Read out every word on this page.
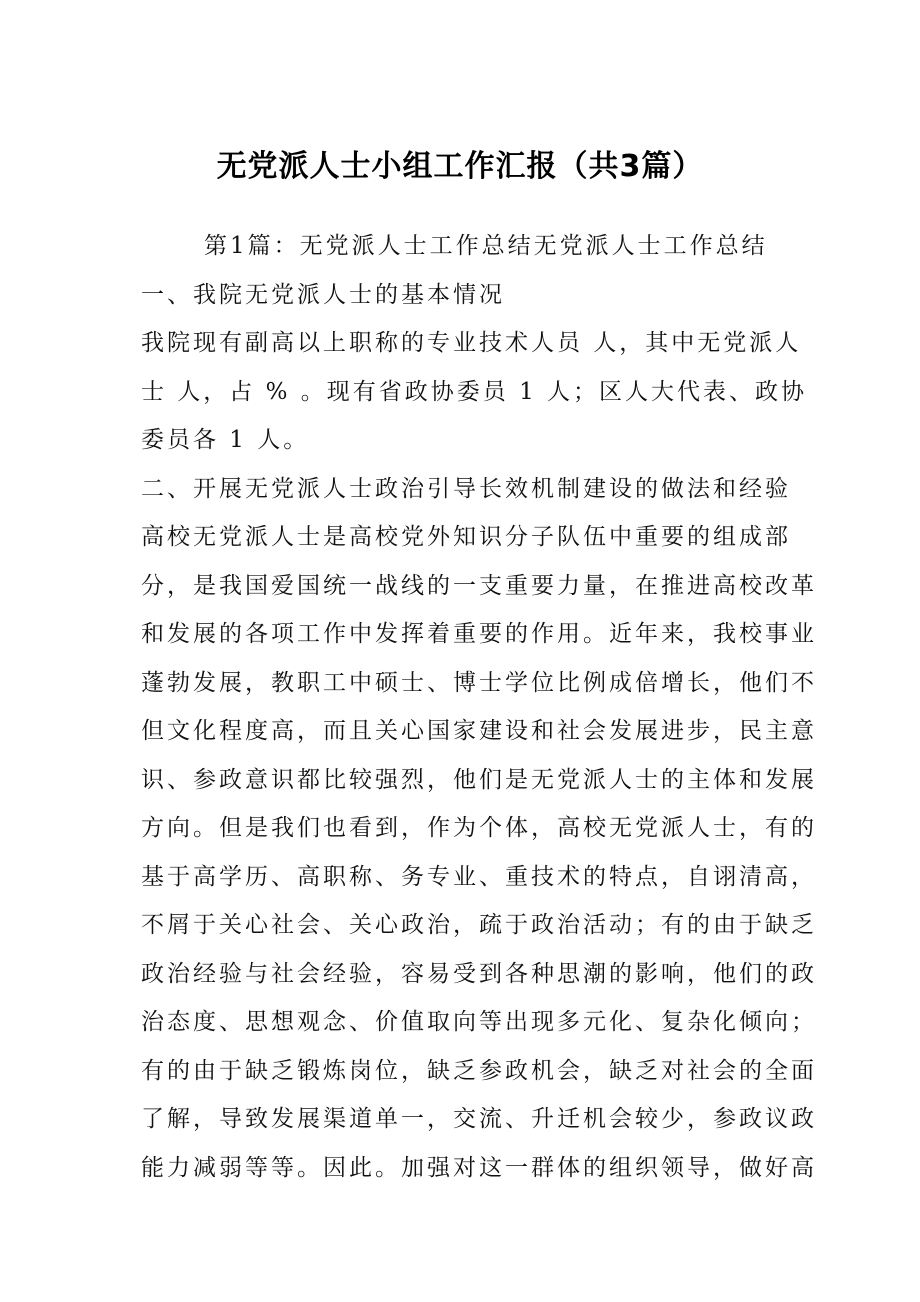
无党派人士小组工作汇报（共3篇）
第1篇：无党派人士工作总结无党派人士工作总结
一、我院无党派人士的基本情况
我院现有副高以上职称的专业技术人员 人，其中无党派人
士 人，占 % 。现有省政协委员 1 人；区人大代表、政协
委员各 1 人。
二、开展无党派人士政治引导长效机制建设的做法和经验
高校无党派人士是高校党外知识分子队伍中重要的组成部
分，是我国爱国统一战线的一支重要力量，在推进高校改革
和发展的各项工作中发挥着重要的作用。近年来，我校事业
蓬勃发展，教职工中硕士、博士学位比例成倍增长，他们不
但文化程度高，而且关心国家建设和社会发展进步，民主意
识、参政意识都比较强烈，他们是无党派人士的主体和发展
方向。但是我们也看到，作为个体，高校无党派人士，有的
基于高学历、高职称、务专业、重技术的特点，自诩清高，
不屑于关心社会、关心政治，疏于政治活动；有的由于缺乏
政治经验与社会经验，容易受到各种思潮的影响，他们的政
治态度、思想观念、价值取向等出现多元化、复杂化倾向；
有的由于缺乏锻炼岗位，缺乏参政机会，缺乏对社会的全面
了解，导致发展渠道单一，交流、升迁机会较少，参政议政
能力减弱等等。因此。加强对这一群体的组织领导，做好高
